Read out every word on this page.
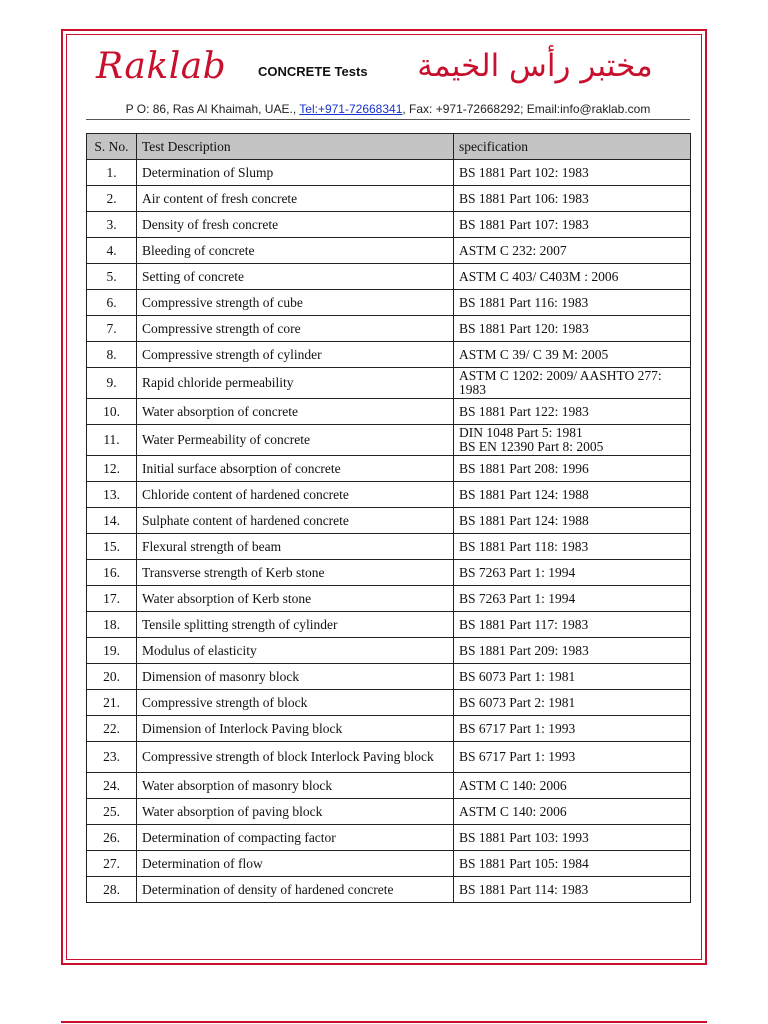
Raklab CONCRETE Tests	مختبر رأس الخيمة
P O: 86, Ras Al Khaimah, UAE., Tel:+971-72668341, Fax: +971-72668292; Email:info@raklab.com
S. No.	Test Description	specification
1.	Determination of Slump	BS 1881 Part 102: 1983
2.	Air content of fresh concrete	BS 1881 Part 106: 1983
3.	Density of fresh concrete	BS 1881 Part 107: 1983
4.	Bleeding of concrete	ASTM C 232: 2007
5.	Setting of concrete	ASTM C 403/ C403M : 2006
6.	Compressive strength of cube	BS 1881 Part 116: 1983
7.	Compressive strength of core	BS 1881 Part 120: 1983
8.	Compressive strength of cylinder	ASTM C 39/ C 39 M: 2005
9.	Rapid chloride permeability	ASTM C 1202: 2009/ AASHTO 277: 1983
10.	Water absorption of concrete	BS 1881 Part 122: 1983
11.	Water Permeability of concrete	DIN 1048 Part 5: 1981
BS EN 12390 Part 8: 2005
12.	Initial surface absorption of concrete	BS 1881 Part 208: 1996
13.	Chloride content of hardened concrete	BS 1881 Part 124: 1988
14.	Sulphate content of hardened concrete	BS 1881 Part 124: 1988
15.	Flexural strength of beam	BS 1881 Part 118: 1983
16.	Transverse strength of Kerb stone	BS 7263 Part 1: 1994
17.	Water absorption of Kerb stone	BS 7263 Part 1: 1994
18.	Tensile splitting strength of cylinder	BS 1881 Part 117: 1983
19.	Modulus of elasticity	BS 1881 Part 209: 1983
20.	Dimension of masonry block	BS 6073 Part 1: 1981
21.	Compressive strength of block	BS 6073 Part 2: 1981
22.	Dimension of Interlock Paving block	BS 6717 Part 1: 1993
23.	Compressive strength of block Interlock Paving block	BS 6717 Part 1: 1993
24.	Water absorption of masonry block	ASTM C 140: 2006
25.	Water absorption of paving block	ASTM C 140: 2006
26.	Determination of compacting factor	BS 1881 Part 103: 1993
27.	Determination of flow	BS 1881 Part 105: 1984
28.	Determination of density of hardened concrete	BS 1881 Part 114: 1983
